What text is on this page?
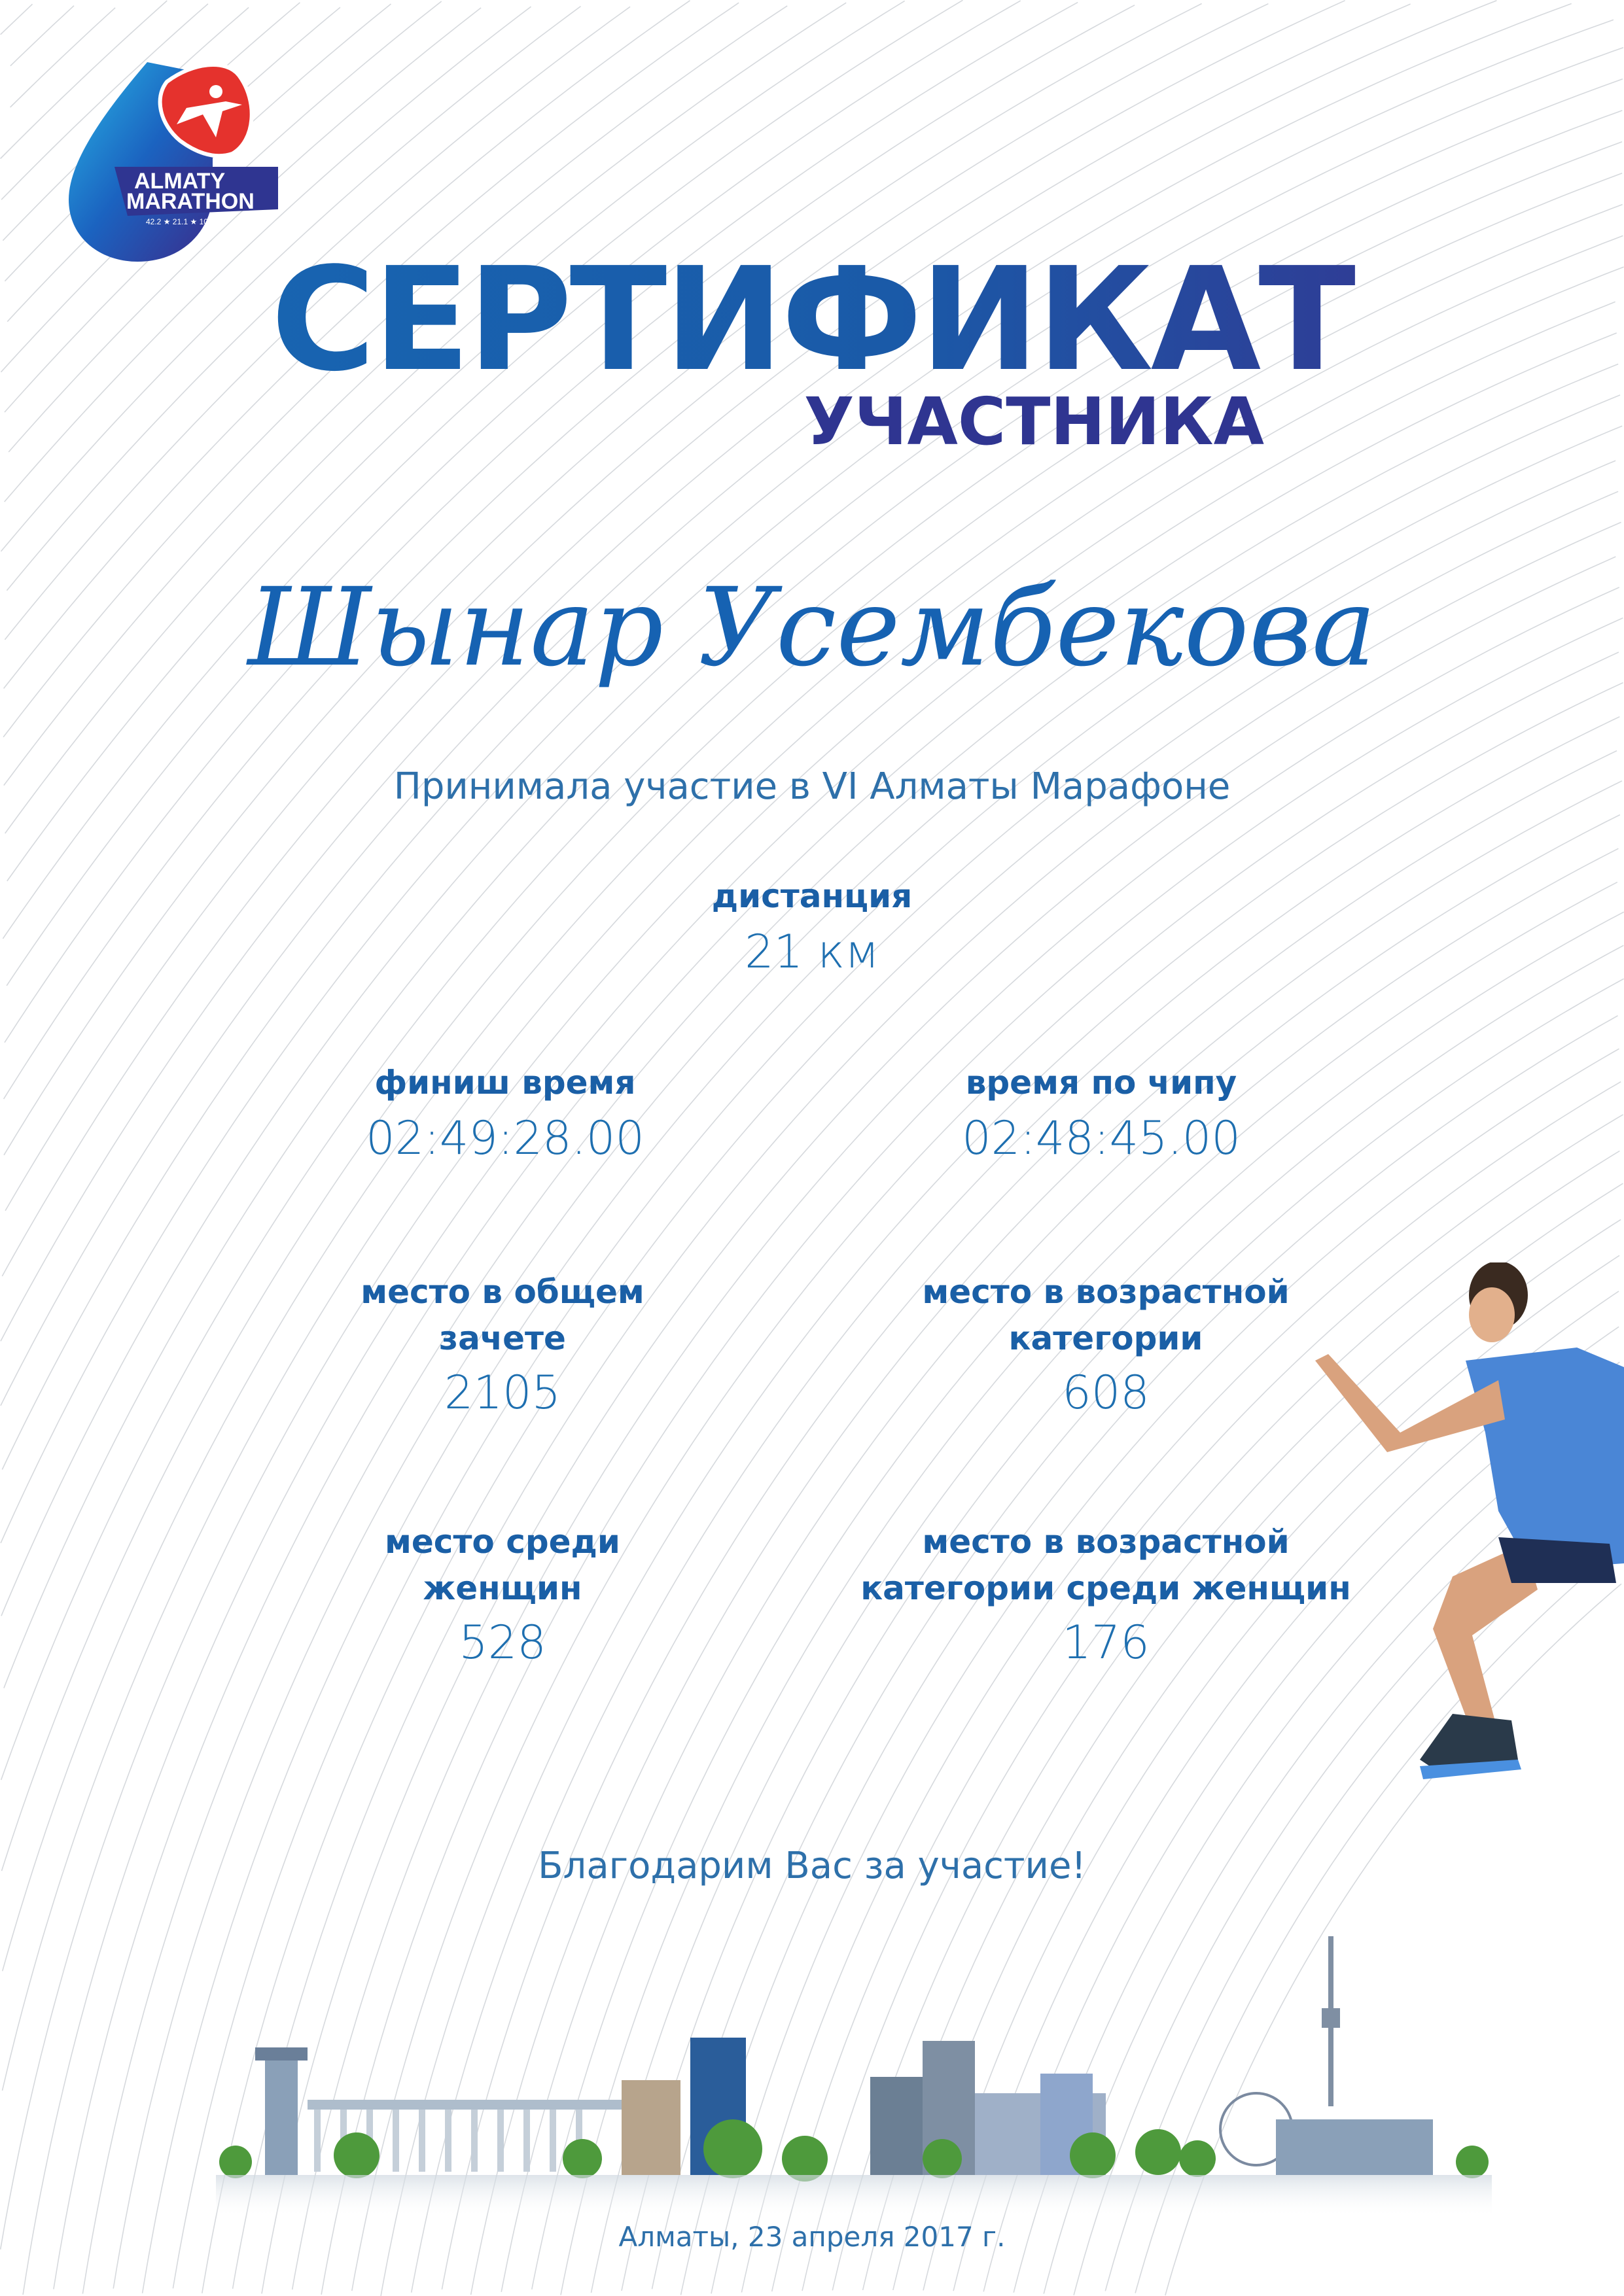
ALMATY
MARATHON
42.2 ★ 21.1 ★ 10 ★ 3
СЕРТИФИКАТ
УЧАСТНИКА
Шынар Усембекова
Принимала участие в VI Алматы Марафоне
дистанция
21 км
финиш время
02:49:28.00
время по чипу
02:48:45.00
место в общем
зачете
2105
место в возрастной
категории
608
место среди
женщин
528
место в возрастной
категории среди женщин
176
Благодарим Вас за участие!
Алматы, 23 апреля 2017 г.
